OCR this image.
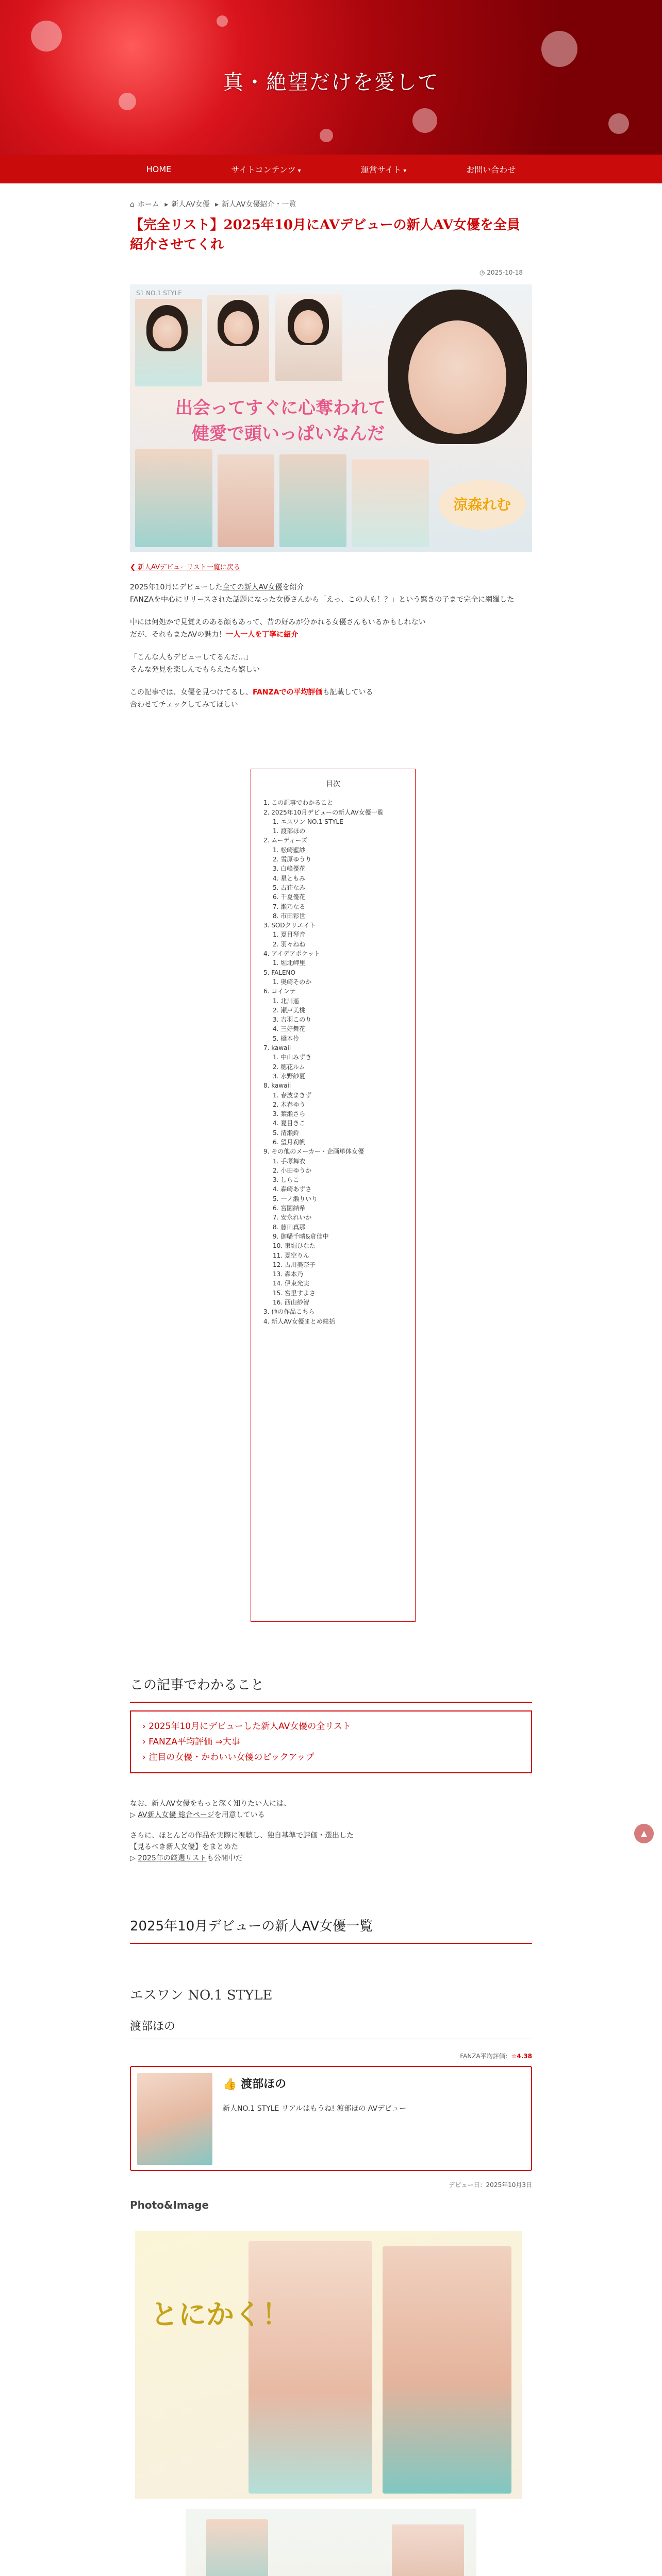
真・絶望だけを愛して
HOME	サイトコンテンツ ▾	運営サイト ▾	お問い合わせ
⌂ ホーム ▸ 新人AV女優 ▸ 新人AV女優紹介・一覧
【完全リスト】2025年10月にAVデビューの新人AV女優を全員紹介させてくれ
◷ 2025-10-18
S1 NO.1 STYLE
出会ってすぐに心奪われて
健愛で頭いっぱいなんだ
涼森れむ
❮ 新人AVデビューリスト一覧に戻る

2025年10月にデビューした全ての新人AV女優を紹介
FANZAを中心にリリースされた話題になった女優さんから「えっ、この人も！？」という驚きの子まで完全に網羅した

中には何処かで見覚えのある顔もあって、昔の好みが分かれる女優さんもいるかもしれない
だが、それもまたAVの魅力！一人一人を丁寧に紹介

「こんな人もデビューしてるんだ…」
そんな発見を楽しんでもらえたら嬉しい

この記事では、女優を見つけてるし、FANZAでの平均評価も記載している
合わせてチェックしてみてほしい

目次
1. この記事でわかること
2. 2025年10月デビューの新人AV女優一覧
1. エスワン NO.1 STYLE
1. 渡部ほの
2. ムーディーズ
1. 松崎藍紗
2. 雪原ゆうり
3. 白峰優花
4. 星ともみ
5. 古荘なみ
6. 千夏優花
7. 瀬乃なる
8. 市田彩世
3. SODクリエイト
1. 夏目琴音
2. 羽々ねね
4. アイデアポケット
1. 堀北岬里
5. FALENO
1. 奥崎そのか
6. コインナ
1. 北川遥
2. 瀬戸美桃
3. 吉羽このり
4. 三好舞花
5. 橋本伶
7. kawaii
1. 中山みずき
2. 穂花ルム
3. 水野紗夏
8. kawaii
1. 春波まきず
2. 木春ゆう
3. 葉瀬さら
4. 夏目きこ
5. 清瀬鈴
6. 望月莉帆
9. その他のメーカー・企画単体女優
1. 手塚舞衣
2. 小田ゆうか
3. しらこ
4. 森崎あずさ
5. 一ノ瀬りいり
6. 宮園結希
7. 安永れいか
8. 藤田真那
9. 御幡千晴&倉佳中
10. 東堀ひなた
11. 夏空りん
12. 古川美奈子
13. 森本乃
14. 伊東光実
15. 宮里すよさ
16. 西山紗智
3. 他の作品こちら
4. 新人AV女優まとめ総括
この記事でわかること
› 2025年10月にデビューした新人AV女優の全リスト
› FANZA平均評価 ⇒大事
› 注目の女優・かわいい女優のピックアップ
なお、新人AV女優をもっと深く知りたい人には、
▷ AV新人女優 総合ページを用意している
さらに、ほとんどの作品を実際に視聴し、独自基準で評価・選出した
【見るべき新人女優】をまとめた
▷ 2025年の厳選リストも公開中だ
2025年10月デビューの新人AV女優一覧
エスワン NO.1 STYLE
渡部ほの
FANZA平均評価：☆4.38
👍 渡部ほの
新人NO.1 STYLE リアルはもうね! 渡部ほの AVデビュー
デビュー日：2025年10月3日
Photo&Image
とにかく！
▲
